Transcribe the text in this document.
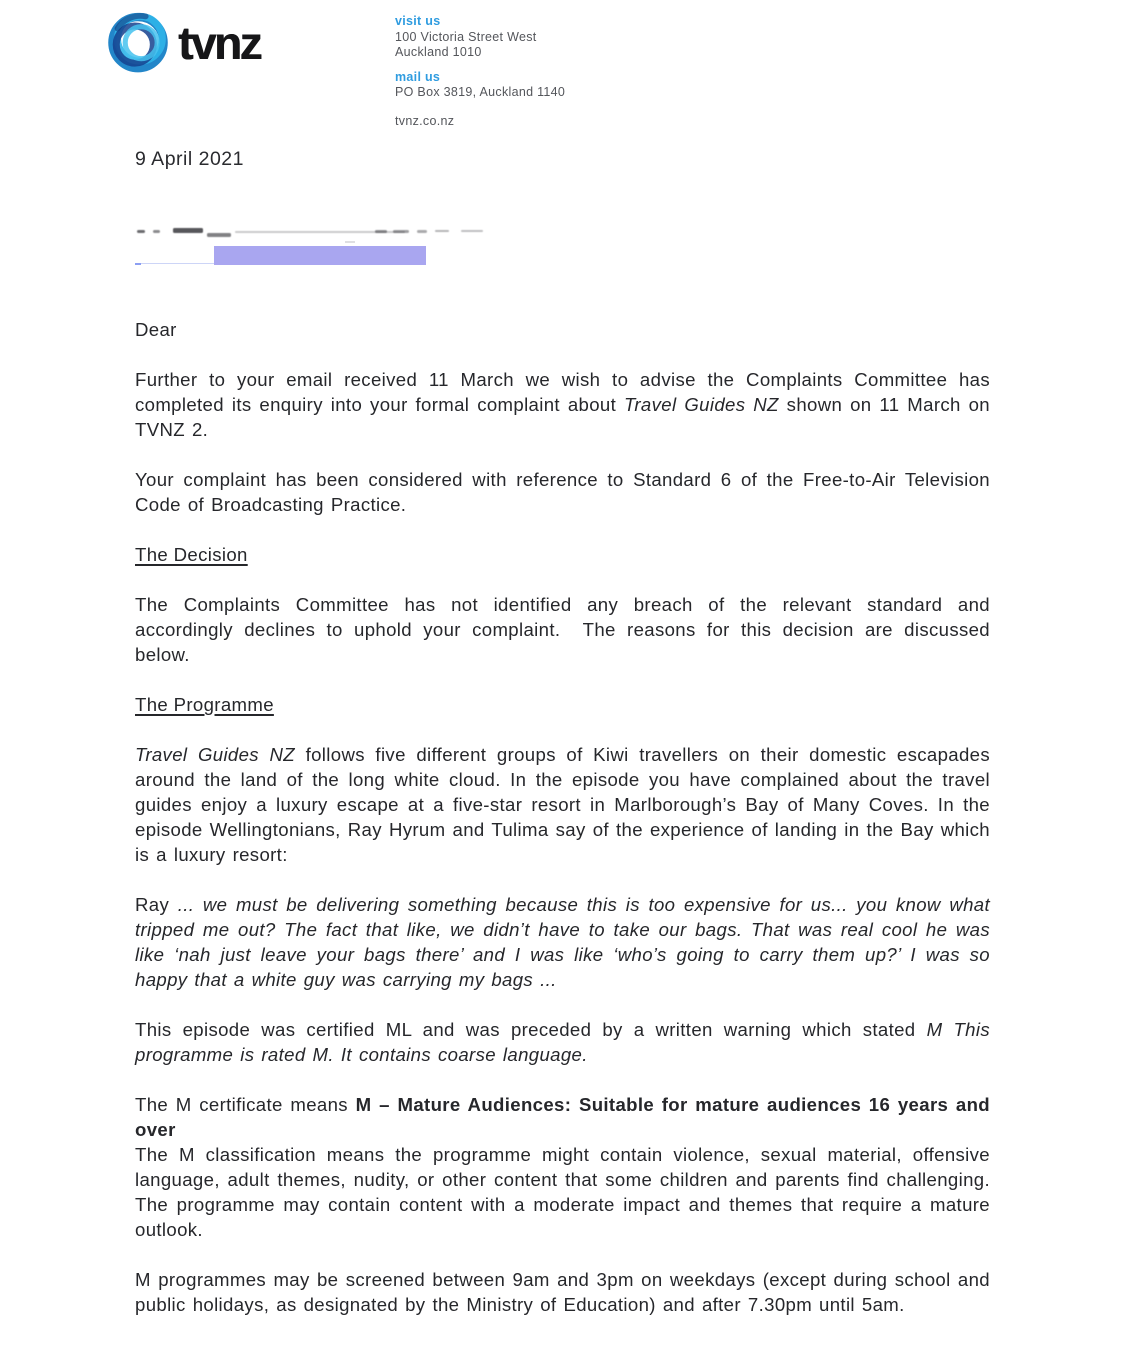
tvnz	visit us
100 Victoria Street West
Auckland 1010
mail us
PO Box 3819, Auckland 1140
tvnz.co.nz

9 April 2021

Dear

Further to your email received 11 March we wish to advise the Complaints Committee has completed its enquiry into your formal complaint about Travel Guides NZ shown on 11 March on TVNZ 2.

Your complaint has been considered with reference to Standard 6 of the Free-to-Air Television Code of Broadcasting Practice.

The Decision

The Complaints Committee has not identified any breach of the relevant standard and accordingly declines to uphold your complaint.  The reasons for this decision are discussed below.

The Programme

Travel Guides NZ follows five different groups of Kiwi travellers on their domestic escapades around the land of the long white cloud. In the episode you have complained about the travel guides enjoy a luxury escape at a five-star resort in Marlborough’s Bay of Many Coves. In the episode Wellingtonians, Ray Hyrum and Tulima say of the experience of landing in the Bay which is a luxury resort:

Ray ... we must be delivering something because this is too expensive for us... you know what tripped me out? The fact that like, we didn’t have to take our bags. That was real cool he was like ‘nah just leave your bags there’ and I was like ‘who’s going to carry them up?’ I was so happy that a white guy was carrying my bags ...

This episode was certified ML and was preceded by a written warning which stated M This programme is rated M. It contains coarse language.

The M certificate means M – Mature Audiences: Suitable for mature audiences 16 years and over
The M classification means the programme might contain violence, sexual material, offensive language, adult themes, nudity, or other content that some children and parents find challenging. The programme may contain content with a moderate impact and themes that require a mature outlook.

M programmes may be screened between 9am and 3pm on weekdays (except during school and public holidays, as designated by the Ministry of Education) and after 7.30pm until 5am.
